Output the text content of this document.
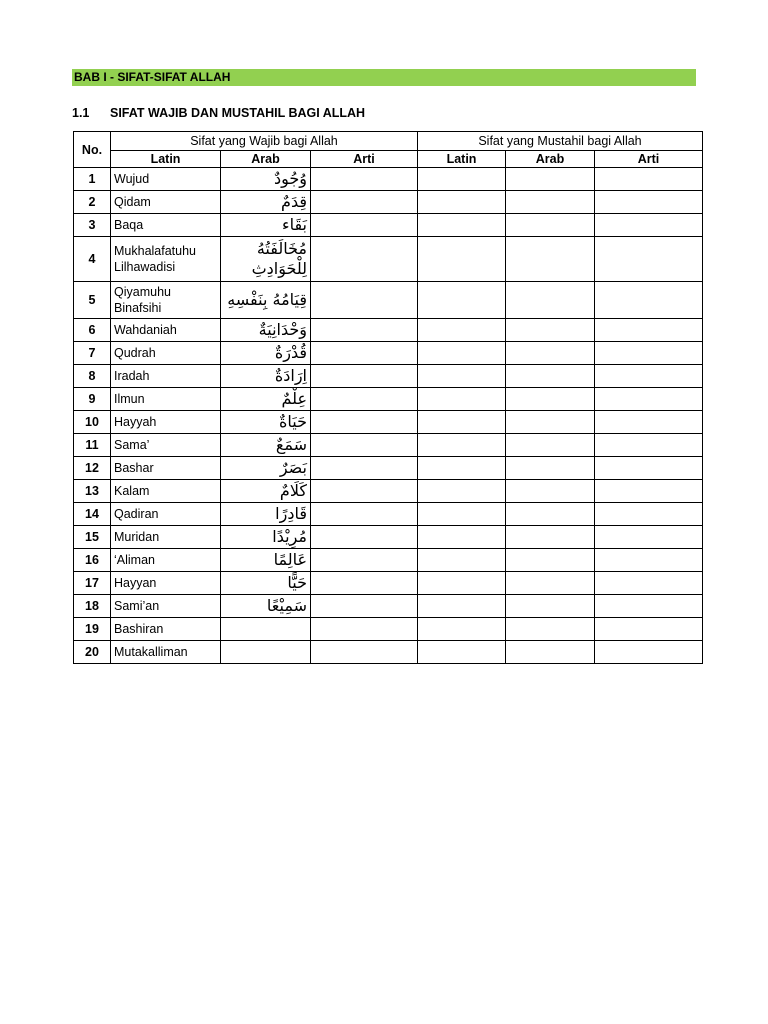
BAB I - SIFAT-SIFAT ALLAH
1.1 SIFAT WAJIB DAN MUSTAHIL BAGI ALLAH
No.	Sifat yang Wajib bagi Allah			Sifat yang Mustahil bagi Allah		
	Latin	Arab	Arti	Latin	Arab	Arti
1	Wujud	وُجُودٌ				
2	Qidam	قِدَمٌ				
3	Baqa	بَقَاء				
4	Mukhalafatuhu Lilhawadisi	مُخَالَفَتُهُ لِلْحَوَادِثِ				
5	Qiyamuhu Binafsihi	قِيَامُهُ بِنَفْسِهِ				
6	Wahdaniah	وَحْدَانِيَةٌ				
7	Qudrah	قُدْرَةٌ				
8	Iradah	اِرَادَةٌ				
9	Ilmun	عِلْمٌ				
10	Hayyah	حَيَاةٌ				
11	Sama’	سَمَعٌ				
12	Bashar	بَصَرٌ				
13	Kalam	كَلَامٌ				
14	Qadiran	قَادِرًا				
15	Muridan	مُرِيْدًا				
16	‘Aliman	عَالِمًا				
17	Hayyan	حَيًّا				
18	Sami’an	سَمِيْعًا				
19	Bashiran					
20	Mutakalliman					
